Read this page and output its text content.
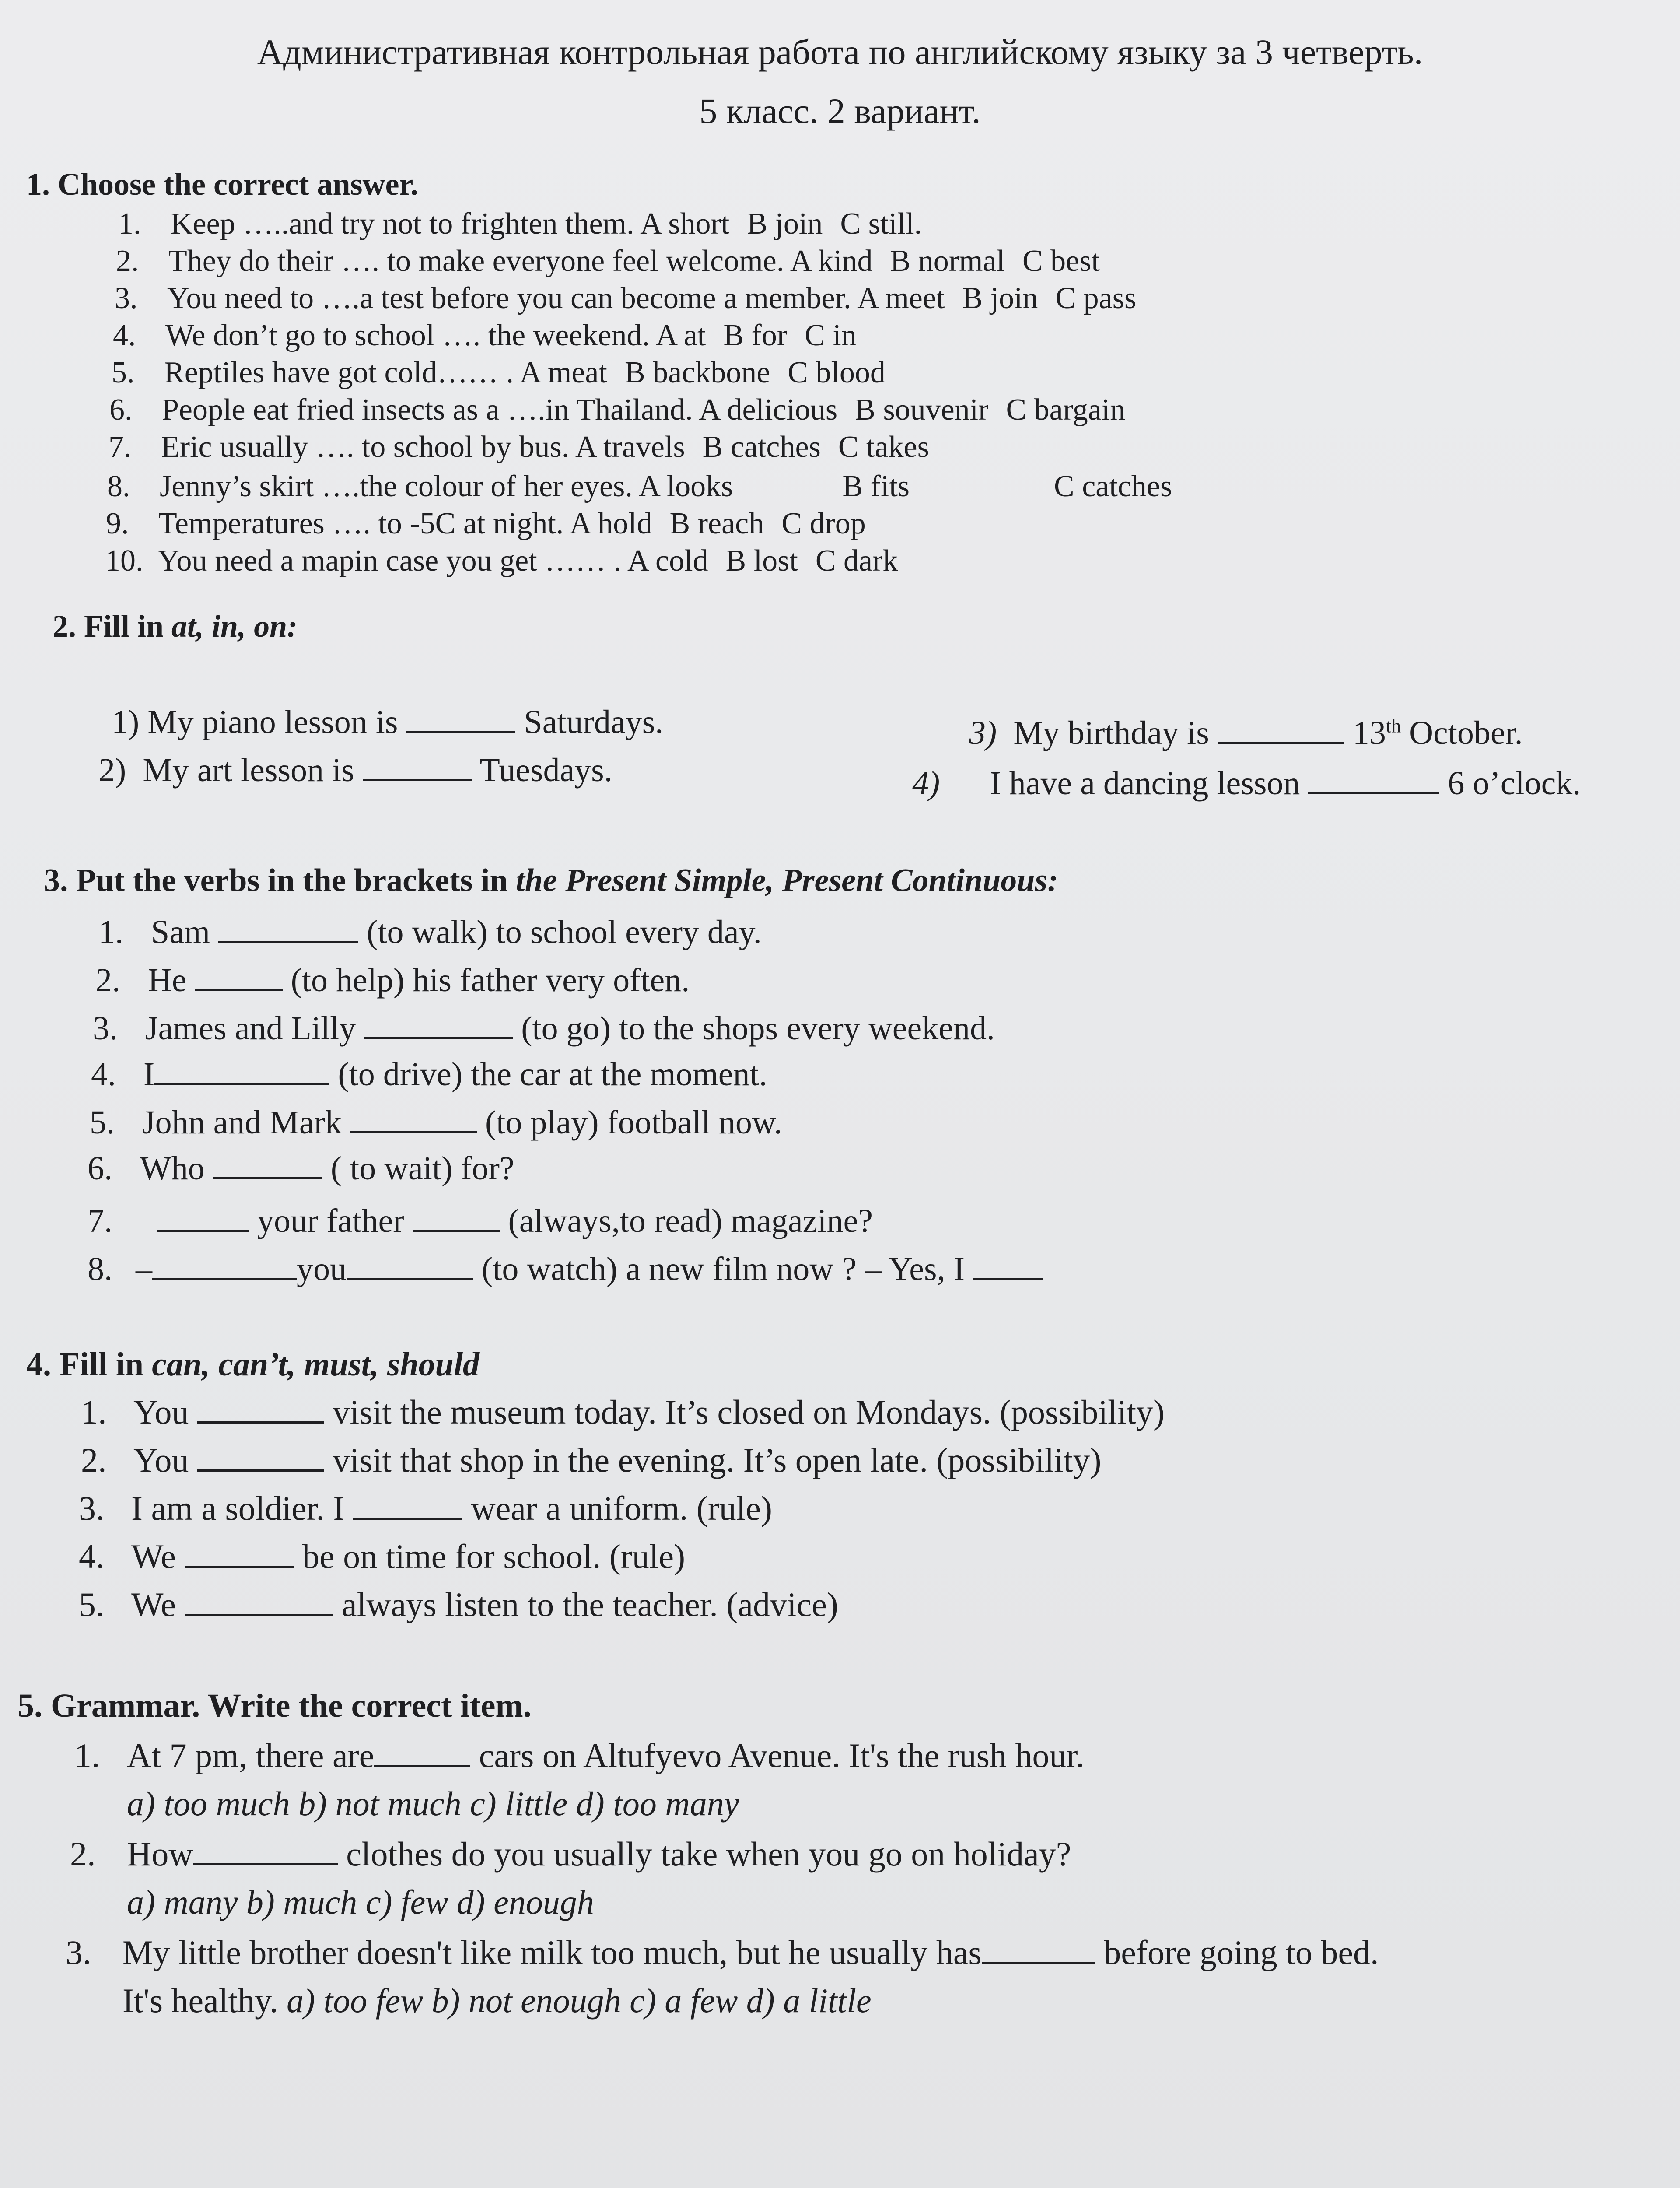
Административная контрольная работа по английскому языку за 3 четверть.
5 класс. 2 вариант.
1. Choose the correct answer.
1. Keep …..and try not to frighten them. A short B join C still.
2. They do their …. to make everyone feel welcome. A kind B normal C best
3. You need to ….a test before you can become a member. A meet B join C pass
4. We don’t go to school …. the weekend. A at B for C in
5. Reptiles have got cold…… . A meat B backbone C blood
6. People eat fried insects as a ….in Thailand. A delicious B souvenir C bargain
7. Eric usually …. to school by bus. A travels B catches C takes
8. Jenny’s skirt ….the colour of her eyes. A looks	B fits	C catches
9. Temperatures …. to -5C at night. A hold B reach C drop
10. You need a mapin case you get …… . A cold B lost C dark
2. Fill in at, in, on:
1) My piano lesson is	Saturdays.
2) My art lesson is	Tuesdays.
3) My birthday is	13th October.
4) I have a dancing lesson	6 o’clock.
3. Put the verbs in the brackets in the Present Simple, Present Continuous:
1. Sam	(to walk) to school every day.
2. He	(to help) his father very often.
3. James and Lilly	(to go) to the shops every weekend.
4. I	(to drive) the car at the moment.
5. John and Mark	(to play) football now.
6. Who	( to wait) for?
7.	your father	(always,to read) magazine?
8. –	you	(to watch) a new film now ? – Yes, I
4. Fill in can, can’t, must, should
1. You	visit the museum today. It’s closed on Mondays. (possibility)
2. You	visit that shop in the evening. It’s open late. (possibility)
3. I am a soldier. I	wear a uniform. (rule)
4. We	be on time for school. (rule)
5. We	always listen to the teacher. (advice)
5. Grammar. Write the correct item.
1. At 7 pm, there are	cars on Altufyevo Avenue. It's the rush hour.
a) too much b) not much c) little d) too many
2. How	clothes do you usually take when you go on holiday?
a) many b) much c) few d) enough
3. My little brother doesn't like milk too much, but he usually has	before going to bed.
It's healthy. a) too few b) not enough c) a few d) a little
